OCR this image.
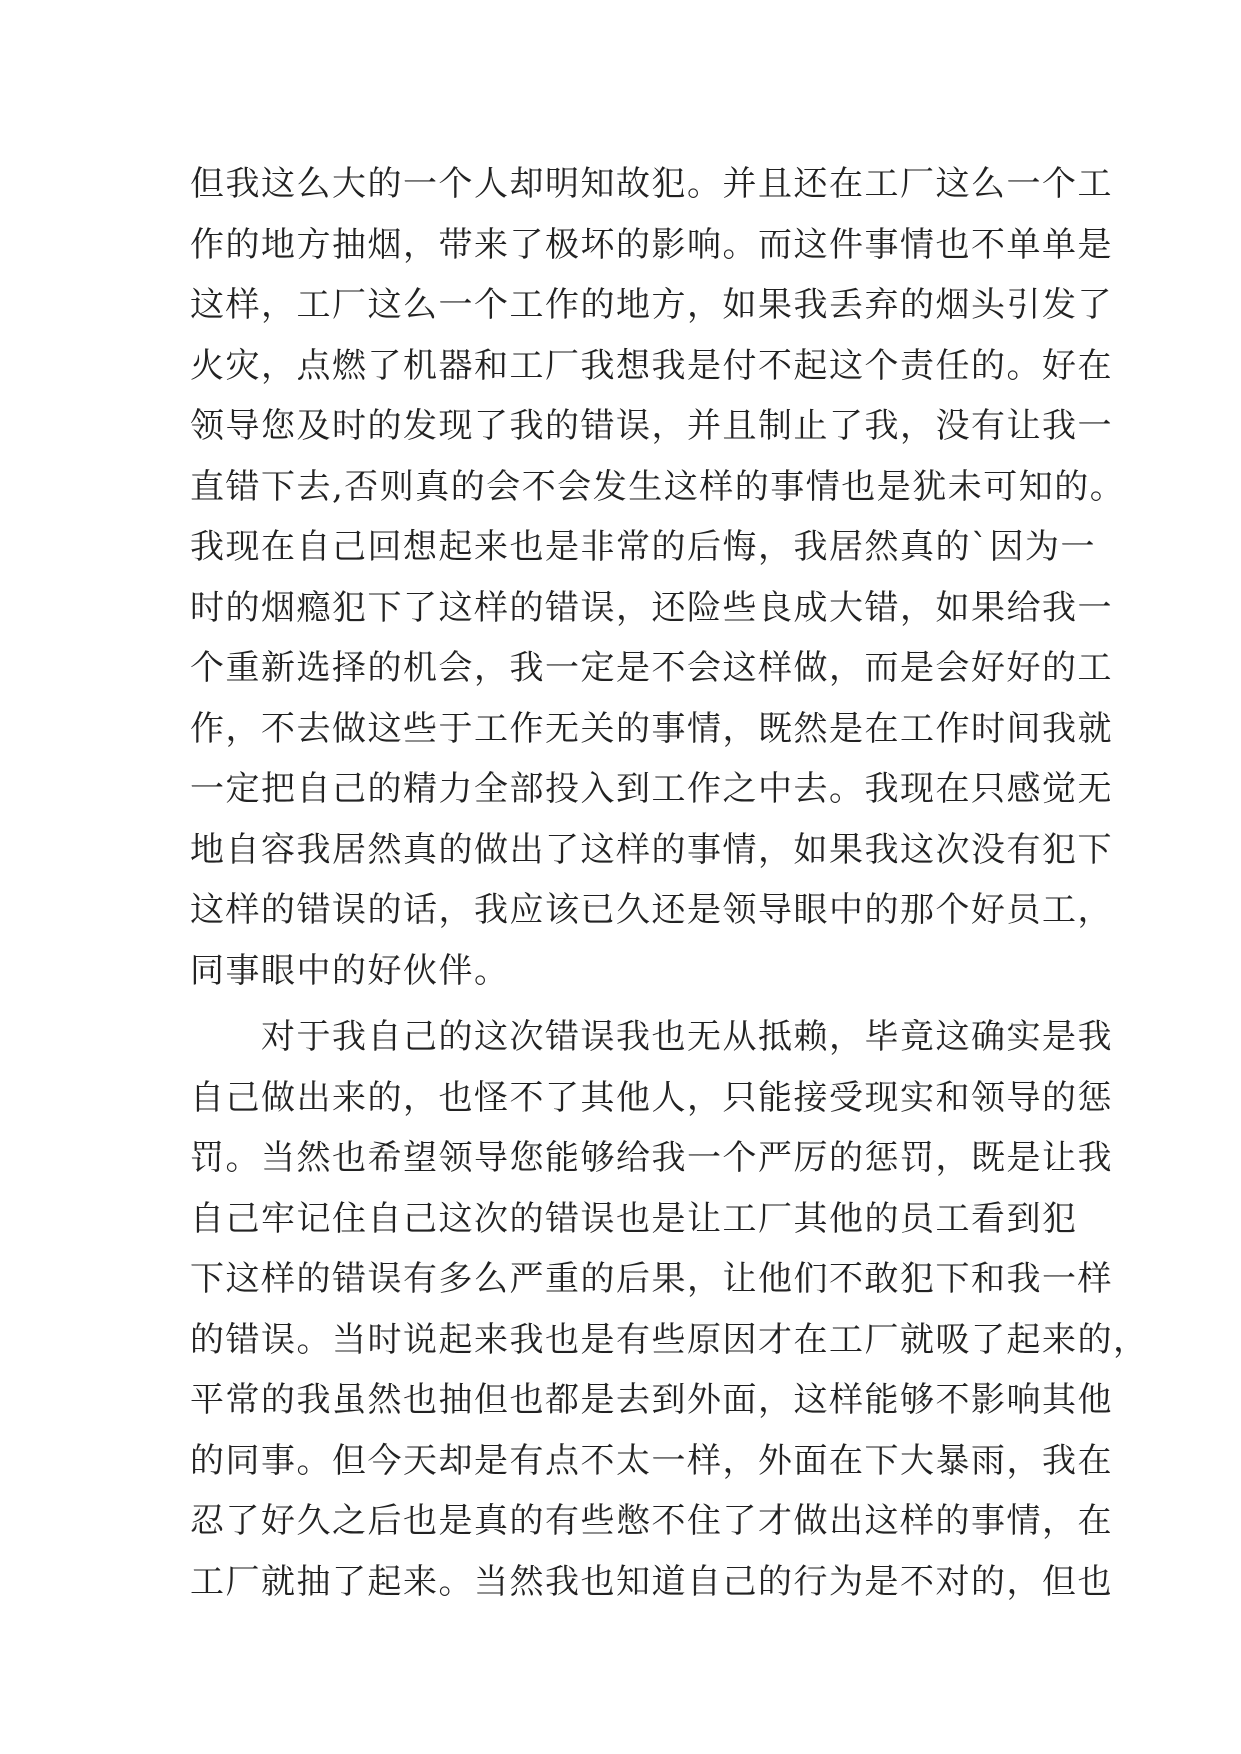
但我这么大的一个人却明知故犯。并且还在工厂这么一个工
作的地方抽烟，带来了极坏的影响。而这件事情也不单单是
这样，工厂这么一个工作的地方，如果我丢弃的烟头引发了
火灾，点燃了机器和工厂我想我是付不起这个责任的。好在
领导您及时的发现了我的错误，并且制止了我，没有让我一
直错下去,否则真的会不会发生这样的事情也是犹未可知的。
我现在自己回想起来也是非常的后悔，我居然真的`因为一
时的烟瘾犯下了这样的错误，还险些良成大错，如果给我一
个重新选择的机会，我一定是不会这样做，而是会好好的工
作，不去做这些于工作无关的事情，既然是在工作时间我就
一定把自己的精力全部投入到工作之中去。我现在只感觉无
地自容我居然真的做出了这样的事情，如果我这次没有犯下
这样的错误的话，我应该已久还是领导眼中的那个好员工，
同事眼中的好伙伴。
　　对于我自己的这次错误我也无从抵赖，毕竟这确实是我
自己做出来的，也怪不了其他人，只能接受现实和领导的惩
罚。当然也希望领导您能够给我一个严厉的惩罚，既是让我
自己牢记住自己这次的错误也是让工厂其他的员工看到犯
下这样的错误有多么严重的后果，让他们不敢犯下和我一样
的错误。当时说起来我也是有些原因才在工厂就吸了起来的，
平常的我虽然也抽但也都是去到外面，这样能够不影响其他
的同事。但今天却是有点不太一样，外面在下大暴雨，我在
忍了好久之后也是真的有些憋不住了才做出这样的事情，在
工厂就抽了起来。当然我也知道自己的行为是不对的，但也
